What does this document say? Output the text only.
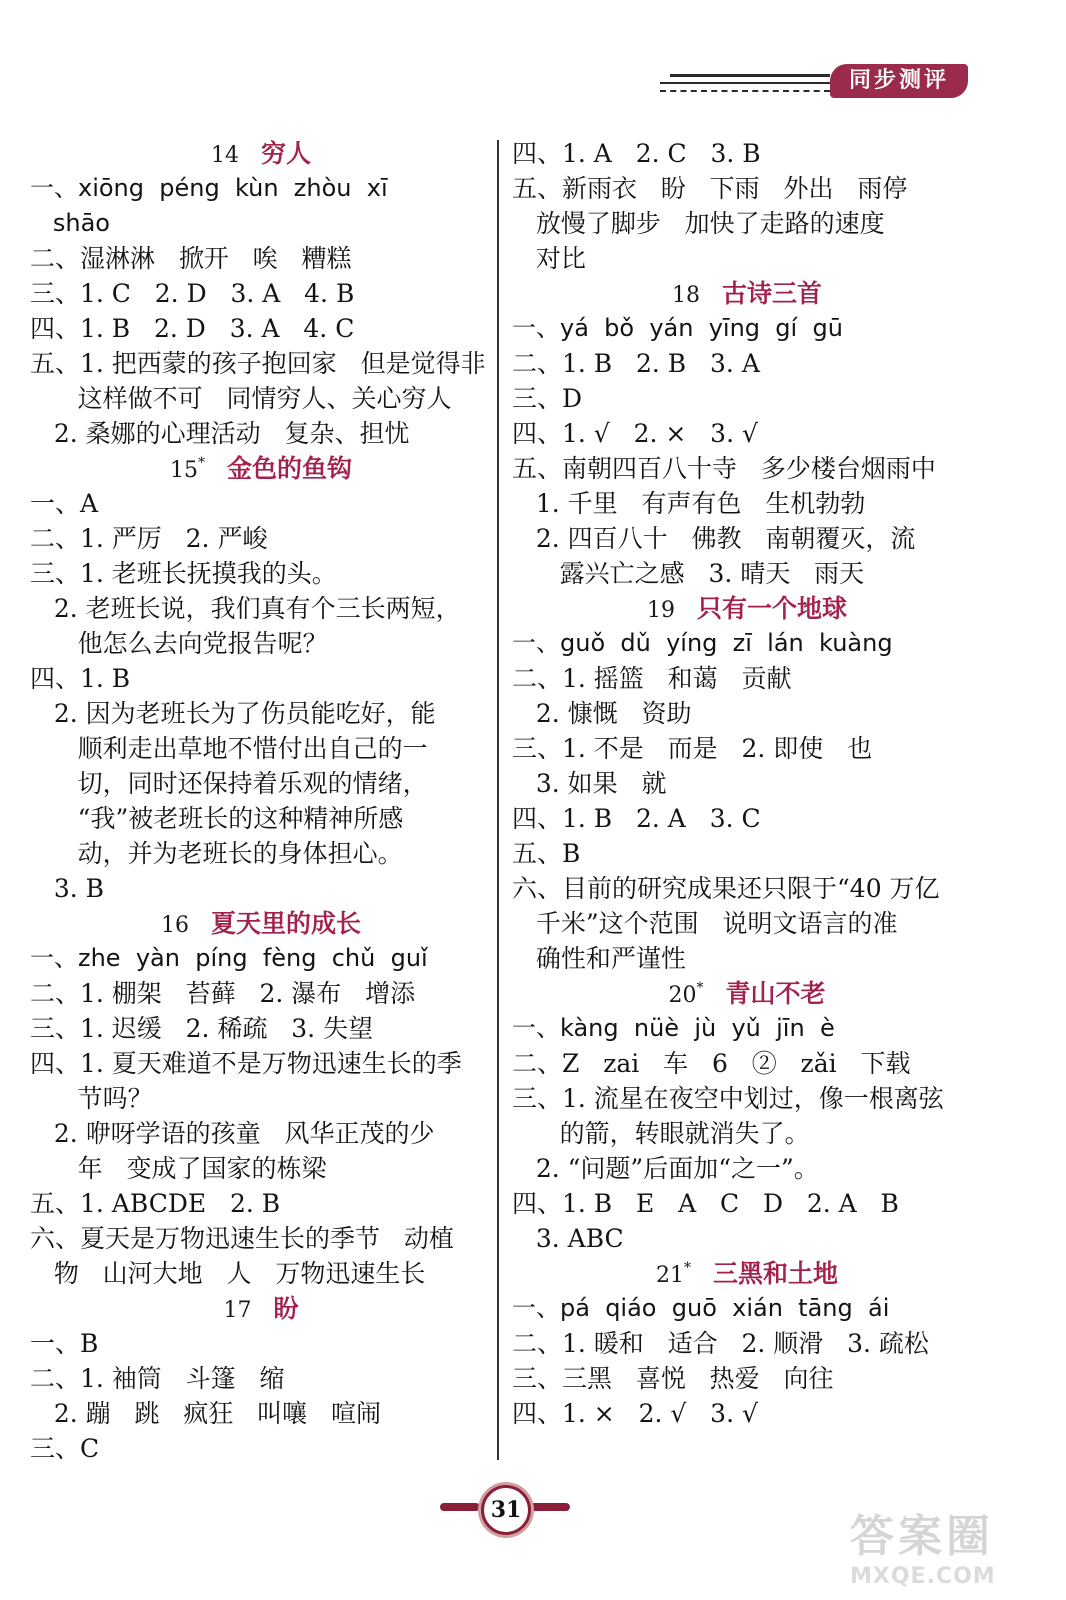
同步测评
14 穷人
一、xiōng  péng  kùn  zhòu  xī
shāo
二、湿淋淋   掀开   唉   糟糕
三、1. C   2. D   3. A   4. B
四、1. B   2. D   3. A   4. C
五、1. 把西蒙的孩子抱回家   但是觉得非
这样做不可   同情穷人、关心穷人
2. 桑娜的心理活动   复杂、担忧
15* 金色的鱼钩
一、A
二、1. 严厉   2. 严峻
三、1. 老班长抚摸我的头。
2. 老班长说，我们真有个三长两短，
他怎么去向党报告呢？
四、1. B
2. 因为老班长为了伤员能吃好，能
顺利走出草地不惜付出自己的一
切，同时还保持着乐观的情绪，
“我”被老班长的这种精神所感
动，并为老班长的身体担心。
3. B
16 夏天里的成长
一、zhe  yàn  píng  fèng  chǔ  guǐ
二、1. 棚架   苔藓   2. 瀑布   增添
三、1. 迟缓   2. 稀疏   3. 失望
四、1. 夏天难道不是万物迅速生长的季
节吗？
2. 咿呀学语的孩童   风华正茂的少
年   变成了国家的栋梁
五、1. ABCDE   2. B
六、夏天是万物迅速生长的季节   动植
物   山河大地   人   万物迅速生长
17 盼
一、B
二、1. 袖筒   斗篷   缩
2. 蹦   跳   疯狂   叫嚷   喧闹
三、C
四、1. A   2. C   3. B
五、新雨衣   盼   下雨   外出   雨停
放慢了脚步   加快了走路的速度
对比
18 古诗三首
一、yá  bǒ  yán  yīng  gí  gū
二、1. B   2. B   3. A
三、D
四、1. √   2. ×   3. √
五、南朝四百八十寺   多少楼台烟雨中
1. 千里   有声有色   生机勃勃
2. 四百八十   佛教   南朝覆灭，流
露兴亡之感   3. 晴天   雨天
19 只有一个地球
一、guǒ  dǔ  yíng  zī  lán  kuàng
二、1. 摇篮   和蔼   贡献
2. 慷慨   资助
三、1. 不是   而是   2. 即使   也
3. 如果   就
四、1. B   2. A   3. C
五、B
六、目前的研究成果还只限于“40 万亿
千米”这个范围   说明文语言的准
确性和严谨性
20* 青山不老
一、kàng  nüè  jù  yǔ  jīn  è
二、Z   zai   车   6   ②   zǎi   下载
三、1. 流星在夜空中划过，像一根离弦
的箭，转眼就消失了。
2. “问题”后面加“之一”。
四、1. B   E   A   C   D   2. A   B
3. ABC
21* 三黑和土地
一、pá  qiáo  guō  xián  tāng  ái
二、1. 暖和   适合   2. 顺滑   3. 疏松
三、三黑   喜悦   热爱   向往
四、1. ×   2. √   3. √
31
答案圈
MXQE.COM
